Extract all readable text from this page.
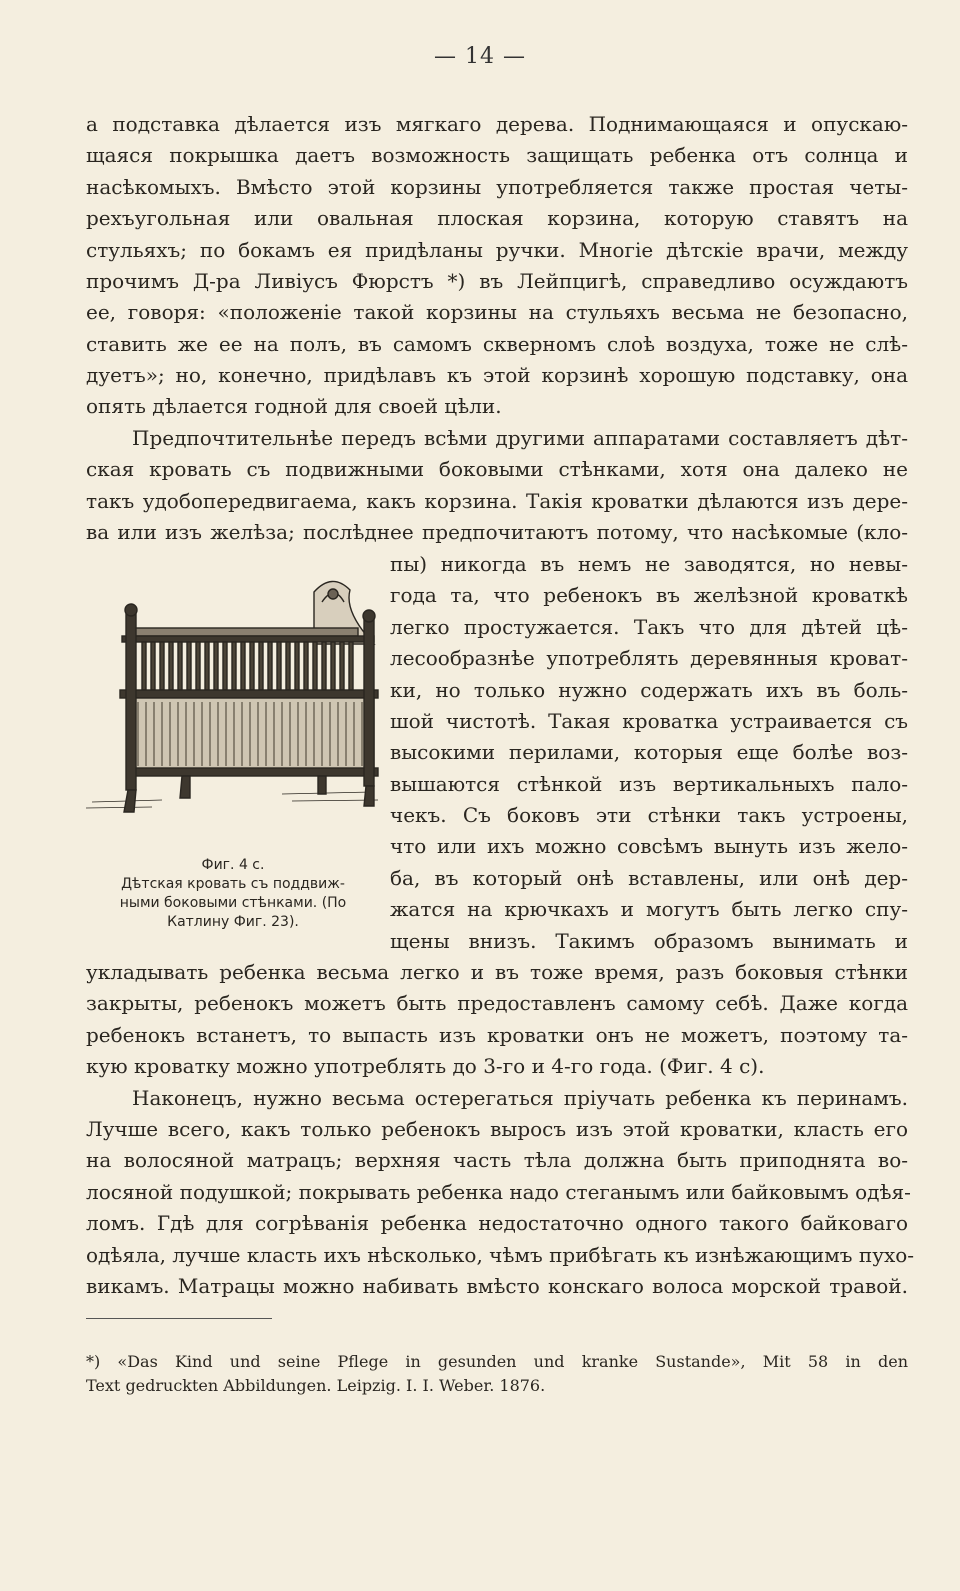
— 14 —
а подставка дѣлается изъ мягкаго дерева. Поднимающаяся и опускаю-
щаяся покрышка даетъ возможность защищать ребенка отъ солнца и
насѣкомыхъ. Вмѣсто этой корзины употребляется также простая четы-
рехъугольная или овальная плоская корзина, которую ставятъ на
стульяхъ; по бокамъ ея придѣланы ручки. Многіе дѣтскіе врачи, между
прочимъ Д-ра Ливіусъ Фюрстъ *) въ Лейпцигѣ, справедливо осуждаютъ
ее, говоря: «положеніе такой корзины на стульяхъ весьма не безопасно,
ставить же ее на полъ, въ самомъ скверномъ слоѣ воздуха, тоже не слѣ-
дуетъ»; но, конечно, придѣлавъ къ этой корзинѣ хорошую подставку, она
опять дѣлается годной для своей цѣли.
Предпочтительнѣе передъ всѣми другими аппаратами составляетъ дѣт-
ская кровать съ подвижными боковыми стѣнками, хотя она далеко не
такъ удобопередвигаема, какъ корзина. Такія кроватки дѣлаются изъ дере-
ва или изъ желѣза; послѣднее предпочитаютъ потому, что насѣкомые (кло-
Фиг. 4 с.
Дѣтская кровать съ поддвиж-
ными боковыми стѣнками. (По
Катлину Фиг. 23).
пы) никогда въ немъ не заводятся, но невы-
года та, что ребенокъ въ желѣзной кроваткѣ
легко простужается. Такъ что для дѣтей цѣ-
лесообразнѣе употреблять деревянныя кроват-
ки, но только нужно содержать ихъ въ боль-
шой чистотѣ. Такая кроватка устраивается съ
высокими перилами, которыя еще болѣе воз-
вышаются стѣнкой изъ вертикальныхъ пало-
чекъ. Съ боковъ эти стѣнки такъ устроены,
что или ихъ можно совсѣмъ вынуть изъ жело-
ба, въ который онѣ вставлены, или онѣ дер-
жатся на крючкахъ и могутъ быть легко спу-
щены внизъ. Такимъ образомъ вынимать и
укладывать ребенка весьма легко и въ тоже время, разъ боковыя стѣнки
закрыты, ребенокъ можетъ быть предоставленъ самому себѣ. Даже когда
ребенокъ встанетъ, то выпасть изъ кроватки онъ не можетъ, поэтому та-
кую кроватку можно употреблять до 3-го и 4-го года. (Фиг. 4 с).
Наконецъ, нужно весьма остерегаться пріучать ребенка къ перинамъ.
Лучше всего, какъ только ребенокъ выросъ изъ этой кроватки, класть его
на волосяной матрацъ; верхняя часть тѣла должна быть приподнята во-
лосяной подушкой; покрывать ребенка надо стеганымъ или байковымъ одѣя-
ломъ. Гдѣ для согрѣванія ребенка недостаточно одного такого байковаго
одѣяла, лучше класть ихъ нѣсколько, чѣмъ прибѣгать къ изнѣжающимъ пухо-
викамъ. Матрацы можно набивать вмѣсто конскаго волоса морской травой.
*) «Das Kind und seine Pflege in gesunden und kranke Sustande», Mit 58 in den
Text gedruckten Abbildungen. Leipzig. I. I. Weber. 1876.
